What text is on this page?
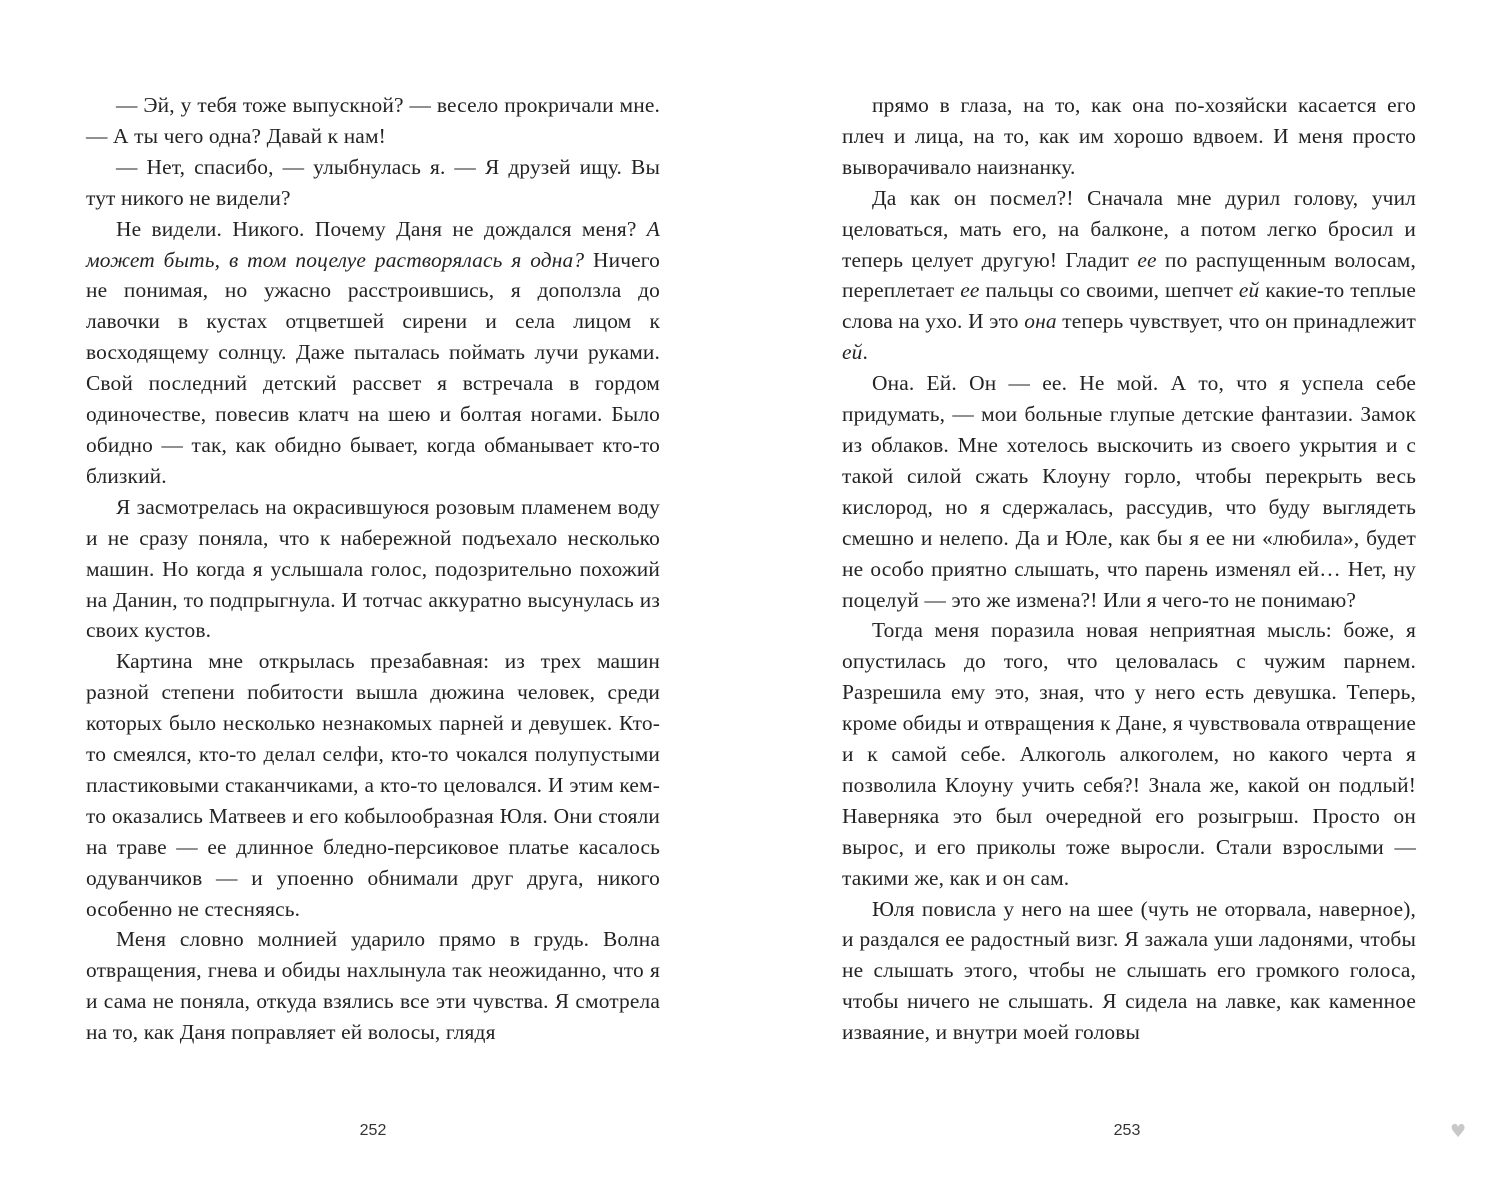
— Эй, у тебя тоже выпускной? — весело прокричали мне. — А ты чего одна? Давай к нам!

— Нет, спасибо, — улыбнулась я. — Я друзей ищу. Вы тут никого не видели?

Не видели. Никого. Почему Даня не дождался меня? А может быть, в том поцелуе растворялась я одна? Ничего не понимая, но ужасно расстроившись, я доползла до лавочки в кустах отцветшей сирени и села лицом к восходящему солнцу. Даже пыталась поймать лучи руками. Свой последний детский рассвет я встречала в гордом одиночестве, повесив клатч на шею и болтая ногами. Было обидно — так, как обидно бывает, когда обманывает кто-то близкий.

Я засмотрелась на окрасившуюся розовым пламенем воду и не сразу поняла, что к набережной подъехало несколько машин. Но когда я услышала голос, подозрительно похожий на Данин, то подпрыгнула. И тотчас аккуратно высунулась из своих кустов.

Картина мне открылась презабавная: из трех машин разной степени побитости вышла дюжина человек, среди которых было несколько незнакомых парней и девушек. Кто-то смеялся, кто-то делал селфи, кто-то чокался полупустыми пластиковыми стаканчиками, а кто-то целовался. И этим кем-то оказались Матвеев и его кобылообразная Юля. Они стояли на траве — ее длинное бледно-персиковое платье касалось одуванчиков — и упоенно обнимали друг друга, никого особенно не стесняясь.

Меня словно молнией ударило прямо в грудь. Волна отвращения, гнева и обиды нахлынула так неожиданно, что я и сама не поняла, откуда взялись все эти чувства. Я смотрела на то, как Даня поправляет ей волосы, глядя

прямо в глаза, на то, как она по-хозяйски касается его плеч и лица, на то, как им хорошо вдвоем. И меня просто выворачивало наизнанку.

Да как он посмел?! Сначала мне дурил голову, учил целоваться, мать его, на балконе, а потом легко бросил и теперь целует другую! Гладит ее по распущенным волосам, переплетает ее пальцы со своими, шепчет ей какие-то теплые слова на ухо. И это она теперь чувствует, что он принадлежит ей.

Она. Ей. Он — ее. Не мой. А то, что я успела себе придумать, — мои больные глупые детские фантазии. Замок из облаков. Мне хотелось выскочить из своего укрытия и с такой силой сжать Клоуну горло, чтобы перекрыть весь кислород, но я сдержалась, рассудив, что буду выглядеть смешно и нелепо. Да и Юле, как бы я ее ни «любила», будет не особо приятно слышать, что парень изменял ей… Нет, ну поцелуй — это же измена?! Или я чего-то не понимаю?

Тогда меня поразила новая неприятная мысль: боже, я опустилась до того, что целовалась с чужим парнем. Разрешила ему это, зная, что у него есть девушка. Теперь, кроме обиды и отвращения к Дане, я чувствовала отвращение и к самой себе. Алкоголь алкоголем, но какого черта я позволила Клоуну учить себя?! Знала же, какой он подлый! Наверняка это был очередной его розыгрыш. Просто он вырос, и его приколы тоже выросли. Стали взрослыми — такими же, как и он сам.

Юля повисла у него на шее (чуть не оторвала, наверное), и раздался ее радостный визг. Я зажала уши ладонями, чтобы не слышать этого, чтобы не слышать его громкого голоса, чтобы ничего не слышать. Я сидела на лавке, как каменное изваяние, и внутри моей головы

252	253	♥
